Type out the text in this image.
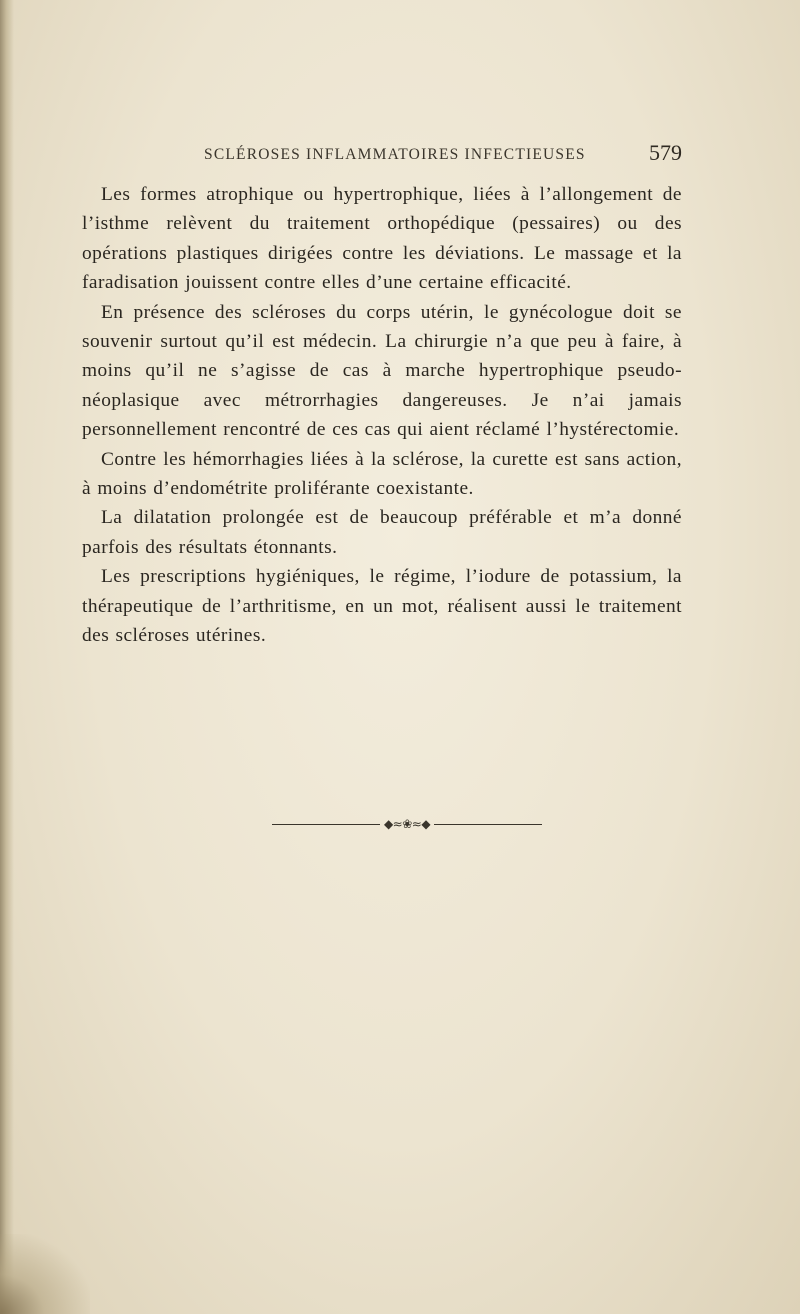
SCLÉROSES INFLAMMATOIRES INFECTIEUSES	579

Les formes atrophique ou hypertrophique, liées à l’allongement de l’isthme relèvent du traitement orthopédique (pessaires) ou des opérations plastiques dirigées contre les déviations. Le massage et la faradisation jouissent contre elles d’une certaine efficacité.

En présence des scléroses du corps utérin, le gynécologue doit se souvenir surtout qu’il est médecin. La chirurgie n’a que peu à faire, à moins qu’il ne s’agisse de cas à marche hypertrophique pseudo-néoplasique avec métrorrhagies dangereuses. Je n’ai jamais personnellement rencontré de ces cas qui aient réclamé l’hystérectomie.

Contre les hémorrhagies liées à la sclérose, la curette est sans action, à moins d’endométrite proliférante coexistante.

La dilatation prolongée est de beaucoup préférable et m’a donné parfois des résultats étonnants.

Les prescriptions hygiéniques, le régime, l’iodure de potassium, la thérapeutique de l’arthritisme, en un mot, réalisent aussi le traitement des scléroses utérines.

◆≈❀≈◆
